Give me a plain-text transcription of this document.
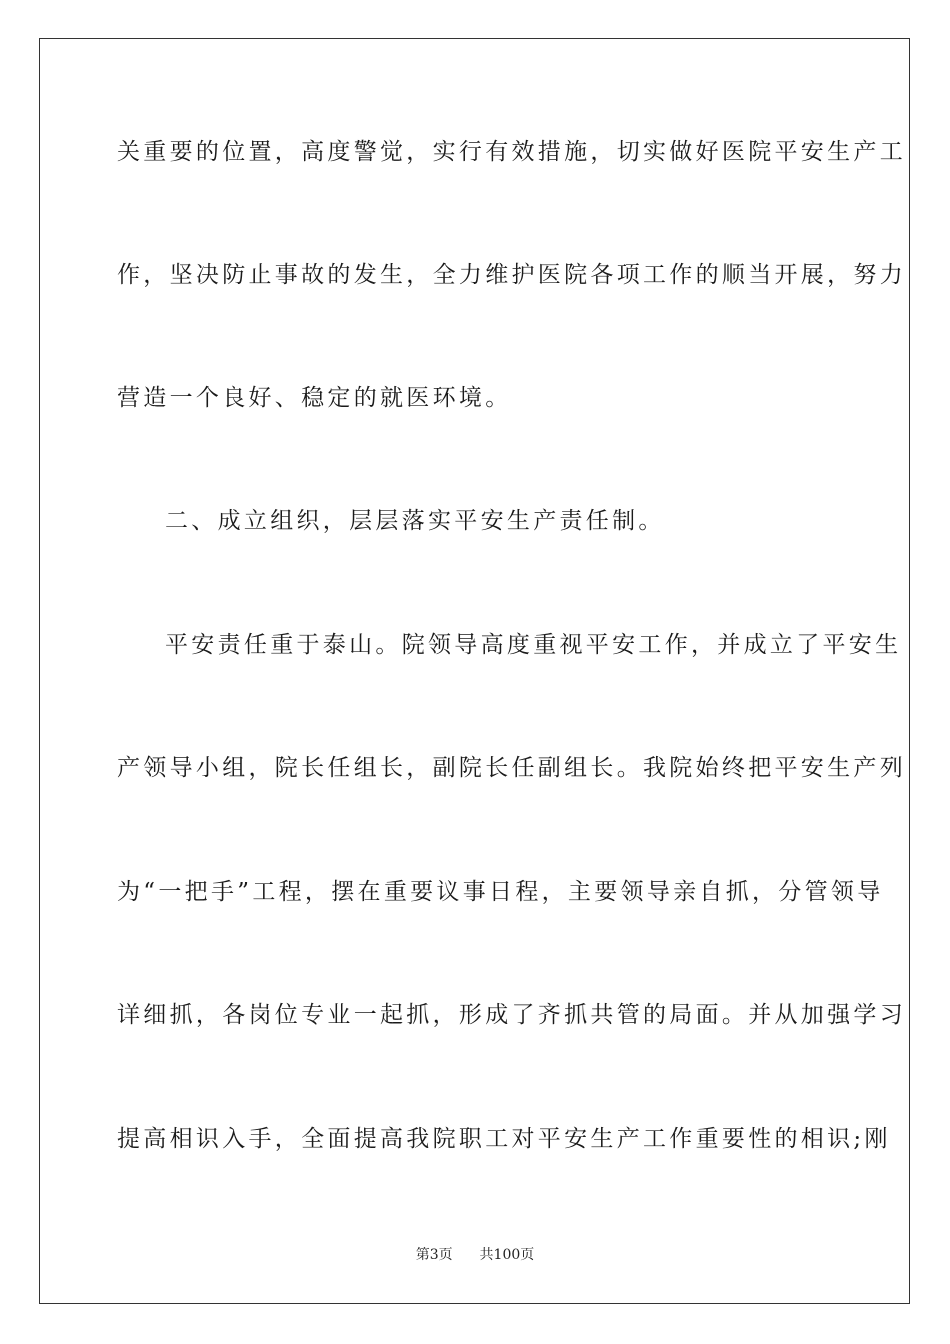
关重要的位置，高度警觉，实行有效措施，切实做好医院平安生产工
作，坚决防止事故的发生，全力维护医院各项工作的顺当开展，努力
营造一个良好、稳定的就医环境。
二、成立组织，层层落实平安生产责任制。
平安责任重于泰山。院领导高度重视平安工作，并成立了平安生
产领导小组，院长任组长，副院长任副组长。我院始终把平安生产列
为“一把手”工程，摆在重要议事日程，主要领导亲自抓，分管领导
详细抓，各岗位专业一起抓，形成了齐抓共管的局面。并从加强学习
提高相识入手，全面提高我院职工对平安生产工作重要性的相识;刚
第3页 共100页
